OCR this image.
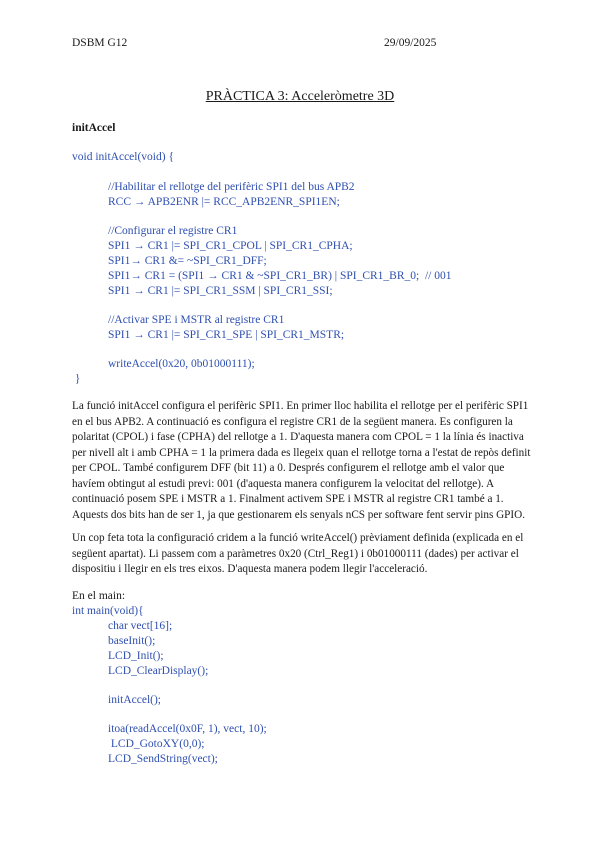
DSBM G12	29/09/2025
PRÀCTICA 3: Acceleròmetre 3D
initAccel
void initAccel(void) {
//Habilitar el rellotge del perifèric SPI1 del bus APB2
RCC → APB2ENR |= RCC_APB2ENR_SPI1EN;
//Configurar el registre CR1
SPI1 → CR1 |= SPI_CR1_CPOL | SPI_CR1_CPHA;
SPI1→ CR1 &= ~SPI_CR1_DFF;
SPI1→ CR1 = (SPI1 → CR1 & ~SPI_CR1_BR) | SPI_CR1_BR_0;  // 001
SPI1 → CR1 |= SPI_CR1_SSM | SPI_CR1_SSI;
//Activar SPE i MSTR al registre CR1
SPI1 → CR1 |= SPI_CR1_SPE | SPI_CR1_MSTR;
writeAccel(0x20, 0b01000111);
}
La funció initAccel configura el perifèric SPI1. En primer lloc habilita el rellotge per el perifèric SPI1
en el bus APB2. A continuació es configura el registre CR1 de la següent manera. Es configuren la
polaritat (CPOL) i fase (CPHA) del rellotge a 1. D'aquesta manera com CPOL = 1 la línia és inactiva
per nivell alt i amb CPHA = 1 la primera dada es llegeix quan el rellotge torna a l'estat de repòs definit
per CPOL. També configurem DFF (bit 11) a 0. Després configurem el rellotge amb el valor que
havíem obtingut al estudi previ: 001 (d'aquesta manera configurem la velocitat del rellotge). A
continuació posem SPE i MSTR a 1. Finalment activem SPE i MSTR al registre CR1 també a 1.
Aquests dos bits han de ser 1, ja que gestionarem els senyals nCS per software fent servir pins GPIO.
Un cop feta tota la configuració cridem a la funció writeAccel() prèviament definida (explicada en el
següent apartat). Li passem com a paràmetres 0x20 (Ctrl_Reg1) i 0b01000111 (dades) per activar el
dispositiu i llegir en els tres eixos. D'aquesta manera podem llegir l'acceleració.
En el main:
int main(void){
char vect[16];
baseInit();
LCD_Init();
LCD_ClearDisplay();
initAccel();
itoa(readAccel(0x0F, 1), vect, 10);
LCD_GotoXY(0,0);
LCD_SendString(vect);
